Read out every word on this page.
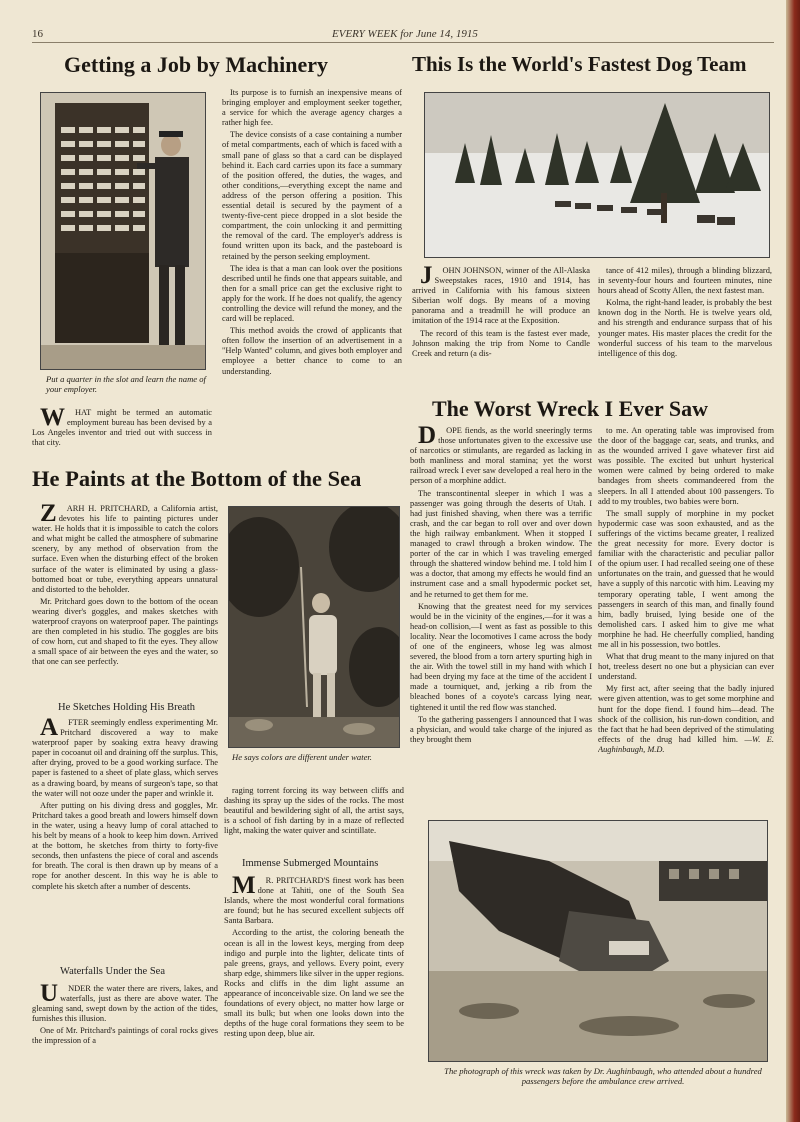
16	EVERY WEEK for June 14, 1915
Getting a Job by Machinery
Put a quarter in the slot and learn the name of your employer.

WHAT might be termed an automatic employment bureau has been devised by a Los Angeles inventor and tried out with success in that city.

Its purpose is to furnish an inexpensive means of bringing employer and employment seeker together, a service for which the average agency charges a rather high fee.

The device consists of a case containing a number of metal compartments, each of which is faced with a small pane of glass so that a card can be displayed behind it. Each card carries upon its face a summary of the position offered, the duties, the wages, and other conditions,—everything except the name and address of the person offering a position. This essential detail is secured by the payment of a twenty-five-cent piece dropped in a slot beside the compartment, the coin unlocking it and permitting the removal of the card. The employer's address is found written upon its back, and the pasteboard is retained by the person seeking employment.

The idea is that a man can look over the positions described until he finds one that appears suitable, and then for a small price can get the exclusive right to apply for the work. If he does not qualify, the agency controlling the device will refund the money, and the card will be replaced.

This method avoids the crowd of applicants that often follow the insertion of an advertisement in a "Help Wanted" column, and gives both employer and employee a better chance to come to an understanding.

This Is the World's Fastest Dog Team

JOHN JOHNSON, winner of the All-Alaska Sweepstakes races, 1910 and 1914, has arrived in California with his famous sixteen Siberian wolf dogs. By means of a moving panorama and a treadmill he will produce an imitation of the 1914 race at the Exposition.

The record of this team is the fastest ever made, Johnson making the trip from Nome to Candle Creek and return (a dis-

tance of 412 miles), through a blinding blizzard, in seventy-four hours and fourteen minutes, nine hours ahead of Scotty Allen, the next fastest man.

Kolma, the right-hand leader, is probably the best known dog in the North. He is twelve years old, and his strength and endurance surpass that of his younger mates. His master places the credit for the wonderful success of his team to the marvelous intelligence of this dog.

He Paints at the Bottom of the Sea

ZARH H. PRITCHARD, a California artist, devotes his life to painting pictures under water. He holds that it is impossible to catch the colors and what might be called the atmosphere of submarine scenery, by any method of observation from the surface. Even when the disturbing effect of the broken surface of the water is eliminated by using a glass-bottomed boat or tube, everything appears unnatural and distorted to the beholder.

Mr. Pritchard goes down to the bottom of the ocean wearing diver's goggles, and makes sketches with waterproof crayons on waterproof paper. The paintings are then completed in his studio. The goggles are bits of cow horn, cut and shaped to fit the eyes. They allow a small space of air between the eyes and the water, so that one can see perfectly.

He says colors are different under water.
He Sketches Holding His Breath

AFTER seemingly endless experimenting Mr. Pritchard discovered a way to make waterproof paper by soaking extra heavy drawing paper in cocoanut oil and draining off the surplus. This, after drying, proved to be a good working surface. The paper is fastened to a sheet of plate glass, which serves as a drawing board, by means of surgeon's tape, so that the water will not ooze under the paper and wrinkle it.

After putting on his diving dress and goggles, Mr. Pritchard takes a good breath and lowers himself down in the water, using a heavy lump of coral attached to his belt by means of a hook to keep him down. Arrived at the bottom, he sketches from thirty to forty-five seconds, then unfastens the piece of coral and ascends for breath. The coral is then drawn up by means of a rope for another descent. In this way he is able to complete his sketch after a number of descents.

Waterfalls Under the Sea

UNDER the water there are rivers, lakes, and waterfalls, just as there are above water. The gleaming sand, swept down by the action of the tides, furnishes this illusion.

One of Mr. Pritchard's paintings of coral rocks gives the impression of a

raging torrent forcing its way between cliffs and dashing its spray up the sides of the rocks. The most beautiful and bewildering sight of all, the artist says, is a school of fish darting by in a maze of reflected light, making the water quiver and scintillate.

Immense Submerged Mountains

MR. PRITCHARD'S finest work has been done at Tahiti, one of the South Sea Islands, where the most wonderful coral formations are found; but he has secured excellent subjects off Santa Barbara.

According to the artist, the coloring beneath the ocean is all in the lowest keys, merging from deep indigo and purple into the lighter, delicate tints of pale greens, grays, and yellows. Every point, every sharp edge, shimmers like silver in the upper regions. Rocks and cliffs in the dim light assume an appearance of inconceivable size. On land we see the foundations of every object, no matter how large or small its bulk; but when one looks down into the depths of the huge coral formations they seem to be resting upon deep, blue air.

The Worst Wreck I Ever Saw

DOPE fiends, as the world sneeringly terms those unfortunates given to the excessive use of narcotics or stimulants, are regarded as lacking in both manliness and moral stamina; yet the worst railroad wreck I ever saw developed a real hero in the person of a morphine addict.

The transcontinental sleeper in which I was a passenger was going through the deserts of Utah. I had just finished shaving, when there was a terrific crash, and the car began to roll over and over down the high railway embankment. When it stopped I managed to crawl through a broken window. The porter of the car in which I was traveling emerged through the shattered window behind me. I told him I was a doctor, that among my effects he would find an instrument case and a small hypodermic pocket set, and he returned to get them for me.

Knowing that the greatest need for my services would be in the vicinity of the engines,—for it was a head-on collision,—I went as fast as possible to this locality. Near the locomotives I came across the body of one of the engineers, whose leg was almost severed, the blood from a torn artery spurting high in the air. With the towel still in my hand with which I had been drying my face at the time of the accident I made a tourniquet, and, jerking a rib from the bleached bones of a coyote's carcass lying near, tightened it until the red flow was stanched.

To the gathering passengers I announced that I was a physician, and would take charge of the injured as they brought them

to me. An operating table was improvised from the door of the baggage car, seats, and trunks, and as the wounded arrived I gave whatever first aid was possible. The excited but unhurt hysterical women were calmed by being ordered to make bandages from sheets commandeered from the sleepers. In all I attended about 100 passengers. To add to my troubles, two babies were born.

The small supply of morphine in my pocket hypodermic case was soon exhausted, and as the sufferings of the victims became greater, I realized the great necessity for more. Every doctor is familiar with the characteristic and peculiar pallor of the opium user. I had recalled seeing one of these unfortunates on the train, and guessed that he would have a supply of this narcotic with him. Leaving my temporary operating table, I went among the passengers in search of this man, and finally found him, badly bruised, lying beside one of the demolished cars. I asked him to give me what morphine he had. He cheerfully complied, handing me all in his possession, two bottles.

What that drug meant to the many injured on that hot, treeless desert no one but a physician can ever understand.

My first act, after seeing that the badly injured were given attention, was to get some morphine and hunt for the dope fiend. I found him—dead. The shock of the collision, his run-down condition, and the fact that he had been deprived of the stimulating effects of the drug had killed him. —W. E. Aughinbaugh, M.D.

The photograph of this wreck was taken by Dr. Aughinbaugh, who attended about a hundred passengers before the ambulance crew arrived.
